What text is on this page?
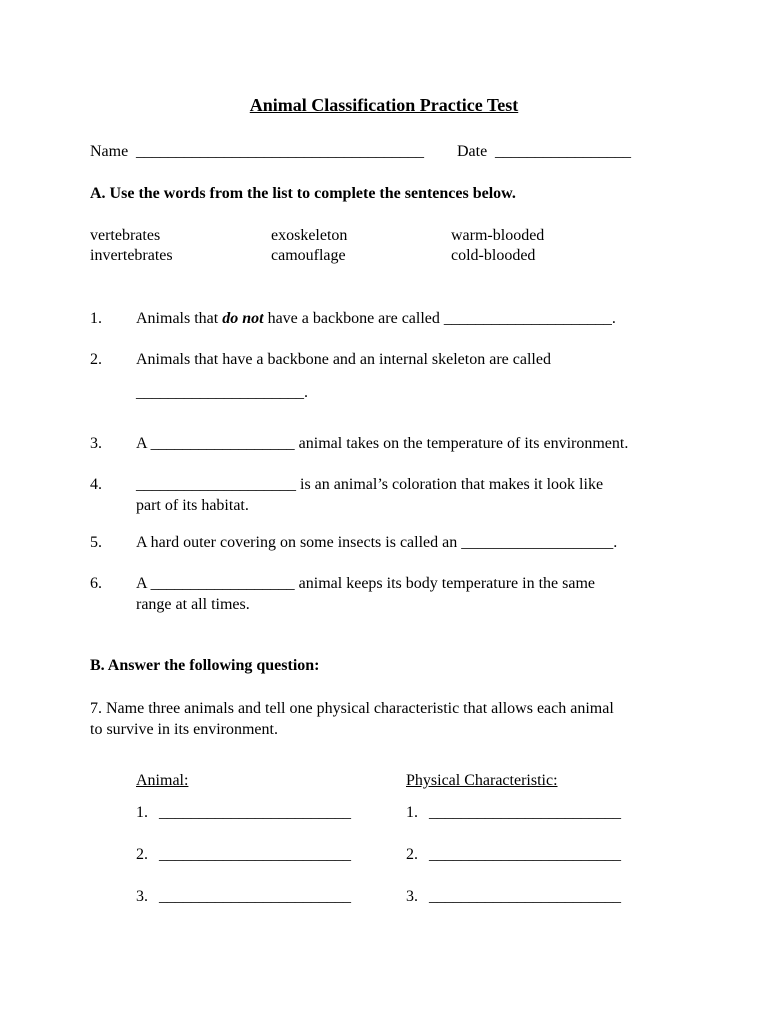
Animal Classification Practice Test
Name ____________________________________ Date _________________
A. Use the words from the list to complete the sentences below.
vertebrates	exoskeleton	warm-blooded
invertebrates	camouflage	cold-blooded
1. Animals that do not have a backbone are called _____________________.
2. Animals that have a backbone and an internal skeleton are called
_____________________.
3. A __________________ animal takes on the temperature of its environment.
4. ____________________ is an animal’s coloration that makes it look like
part of its habitat.
5. A hard outer covering on some insects is called an ___________________.
6. A __________________ animal keeps its body temperature in the same
range at all times.
B. Answer the following question:
7. Name three animals and tell one physical characteristic that allows each animal
to survive in its environment.
Animal:	Physical Characteristic:
1. ________________________	1. ________________________
2. ________________________	2. ________________________
3. ________________________	3. ________________________
